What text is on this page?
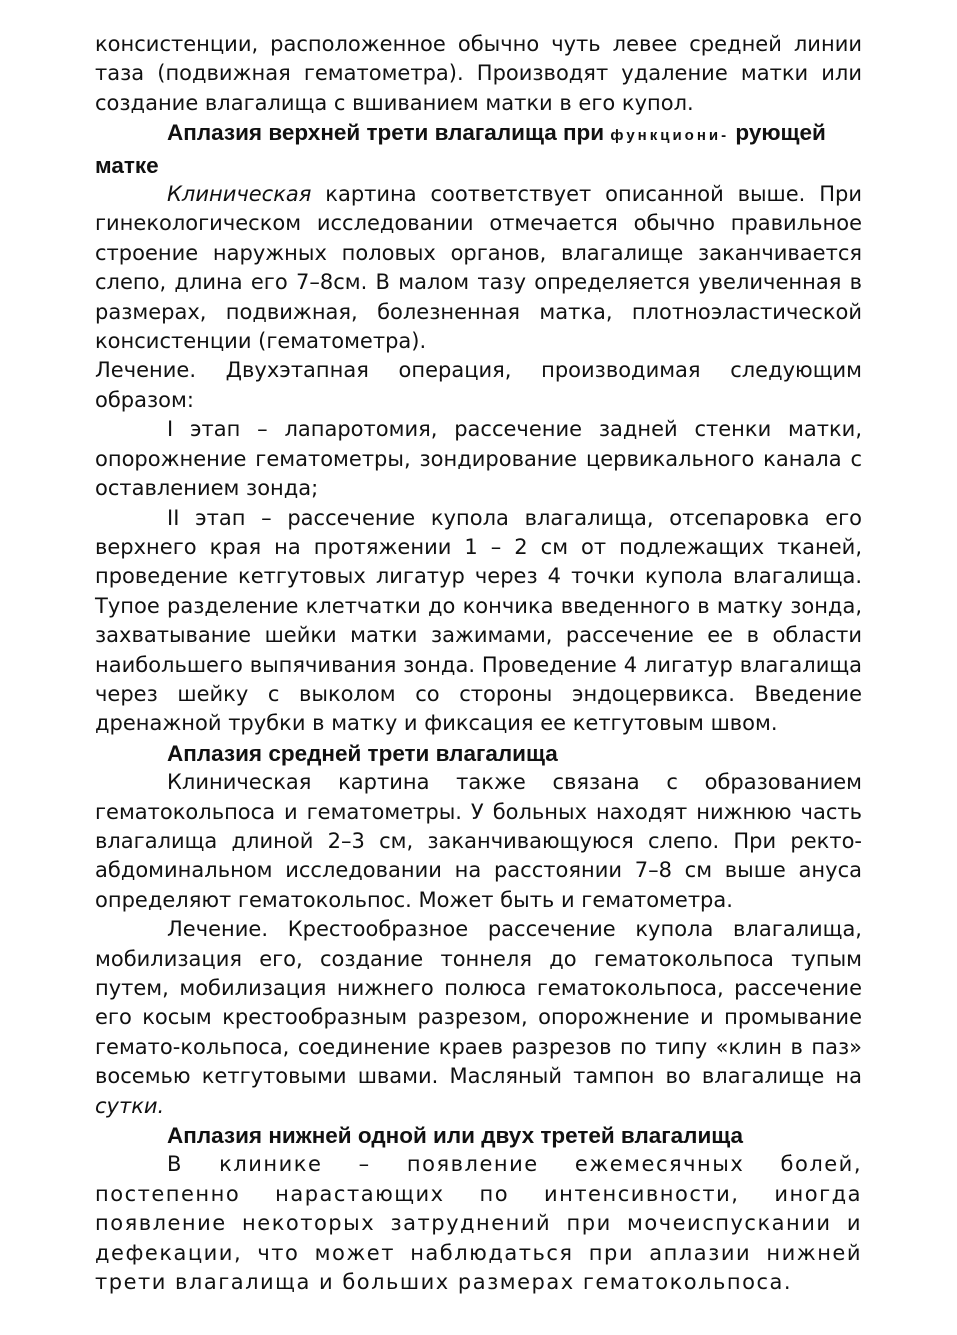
консистенции, расположенное обычно чуть левее средней линии таза (подвижная гематометра). Производят удаление матки или создание влагалища с вшиванием матки в его купол.

Аплазия верхней трети влагалища при функциони- рующей матке

Клиническая картина соответствует описанной выше. При гинекологическом исследовании отмечается обычно правильное строение наружных половых органов, влагалище заканчивается слепо, длина его 7–8см. В малом тазу определяется увеличенная в размерах, подвижная, болезненная матка, плотноэластической консистенции (гематометра).

Лечение. Двухэтапная операция, производимая следующим образом:

I этап – лапаротомия, рассечение задней стенки матки, опорожнение гематометры, зондирование цервикального канала с оставлением зонда;

II этап – рассечение купола влагалища, отсепаровка его верхнего края на протяжении 1 – 2 см от подлежащих тканей, проведение кетгутовых лигатур через 4 точки купола влагалища. Тупое разделение клетчатки до кончика введенного в матку зонда, захватывание шейки матки зажимами, рассечение ее в области наибольшего выпячивания зонда. Проведение 4 лигатур влагалища через шейку с выколом со стороны эндоцервикса. Введение дренажной трубки в матку и фиксация ее кетгутовым швом.

Аплазия средней трети влагалища

Клиническая картина также связана с образованием гематокольпоса и гематометры. У больных находят нижнюю часть влагалища длиной 2–3 см, заканчивающуюся слепо. При ректо-абдоминальном исследовании на расстоянии 7–8 см выше ануса определяют гематокольпос. Может быть и гематометра.

Лечение. Крестообразное рассечение купола влагалища, мобилизация его, создание тоннеля до гематокольпоса тупым путем, мобилизация нижнего полюса гематокольпоса, рассечение его косым крестообразным разрезом, опорожнение и промывание гемато-кольпоса, соединение краев разрезов по типу «клин в паз» восемью кетгутовыми швами. Масляный тампон во влагалище на сутки.

Аплазия нижней одной или двух третей влагалища

В клинике – появление ежемесячных болей, постепенно нарастающих по интенсивности, иногда появление некоторых затруднений при мочеиспускании и дефекации, что может наблюдаться при аплазии нижней трети влагалища и больших размерах гематокольпоса.
